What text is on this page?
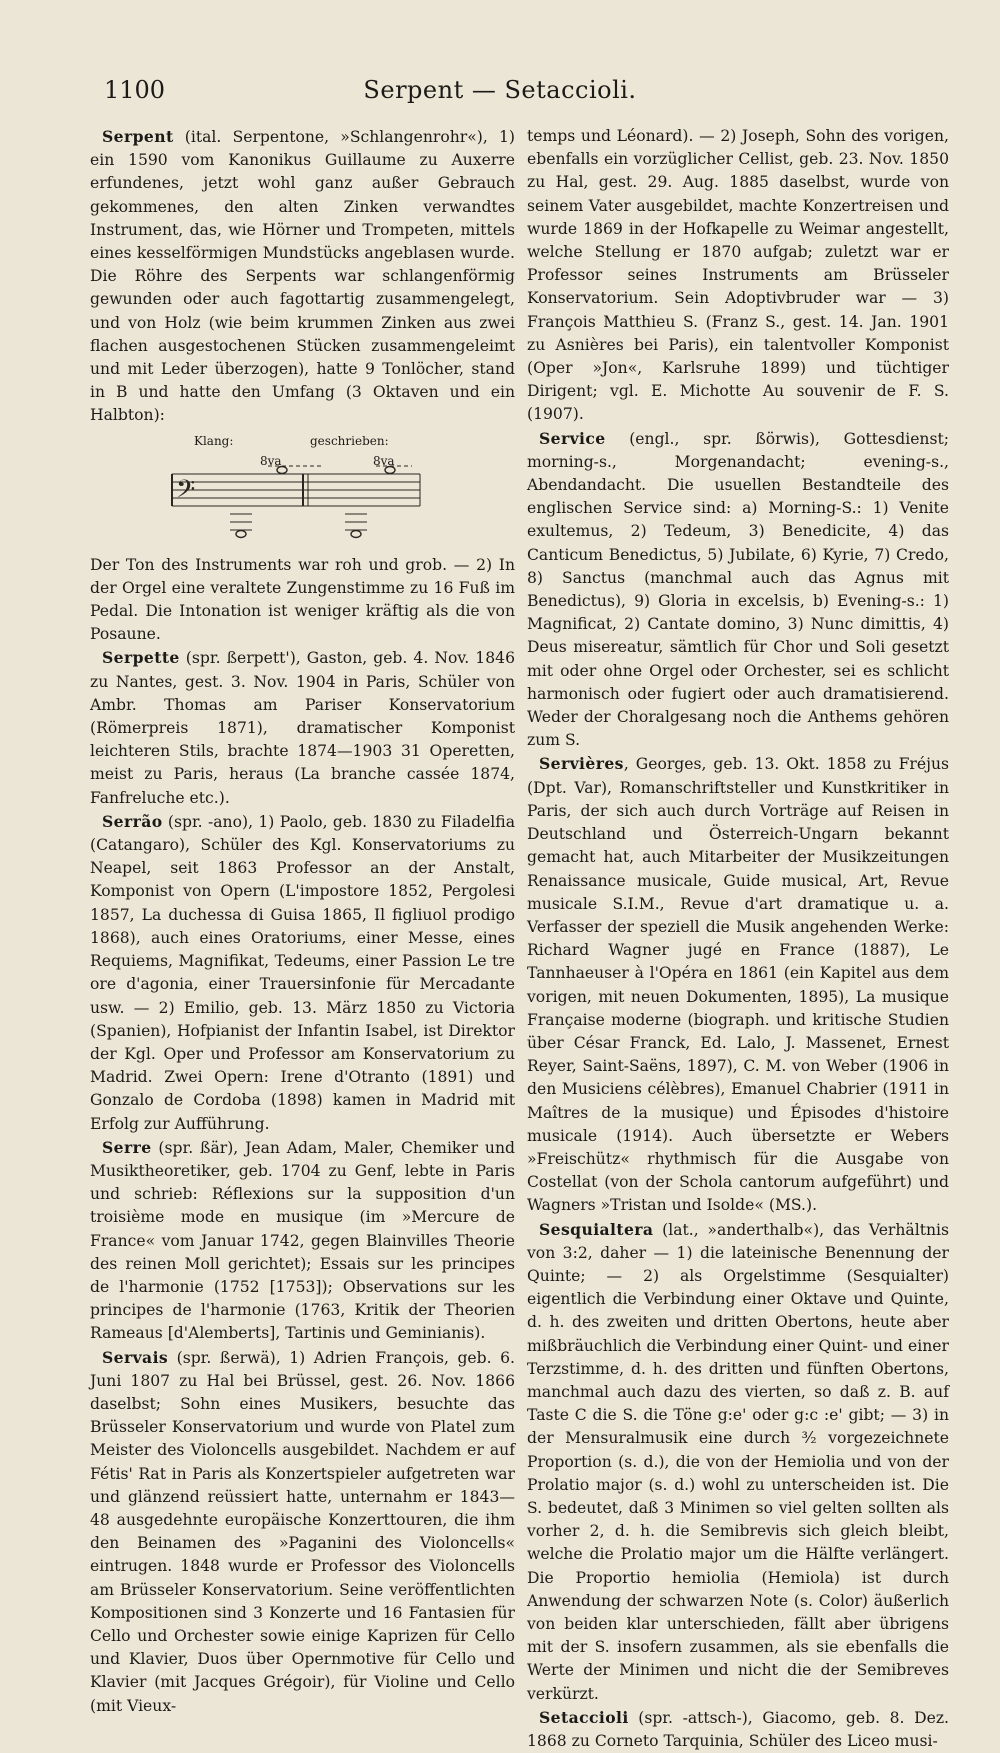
1100	Serpent — Setaccioli.

Serpent (ital. Serpentone, »Schlangenrohr«), 1) ein 1590 vom Kanonikus Guillaume zu Auxerre erfundenes, jetzt wohl ganz außer Gebrauch gekommenes, den alten Zinken verwandtes Instrument, das, wie Hörner und Trompeten, mittels eines kesselförmigen Mundstücks angeblasen wurde. Die Röhre des Serpents war schlangenförmig gewunden oder auch fagottartig zusammengelegt, und von Holz (wie beim krummen Zinken aus zwei flachen ausgestochenen Stücken zusammengeleimt und mit Leder überzogen), hatte 9 Tonlöcher, stand in B und hatte den Umfang (3 Oktaven und ein Halbton):

Klang:	geschrieben:
8va	8va
𝄢

Der Ton des Instruments war roh und grob. — 2) In der Orgel eine veraltete Zungenstimme zu 16 Fuß im Pedal. Die Intonation ist weniger kräftig als die von Posaune.

Serpette (spr. ßerpett'), Gaston, geb. 4. Nov. 1846 zu Nantes, gest. 3. Nov. 1904 in Paris, Schüler von Ambr. Thomas am Pariser Konservatorium (Römerpreis 1871), dramatischer Komponist leichteren Stils, brachte 1874—1903 31 Operetten, meist zu Paris, heraus (La branche cassée 1874, Fanfreluche etc.).

Serrão (spr. -ano), 1) Paolo, geb. 1830 zu Filadelfia (Catangaro), Schüler des Kgl. Konservatoriums zu Neapel, seit 1863 Professor an der Anstalt, Komponist von Opern (L'impostore 1852, Pergolesi 1857, La duchessa di Guisa 1865, Il figliuol prodigo 1868), auch eines Oratoriums, einer Messe, eines Requiems, Magnifikat, Tedeums, einer Passion Le tre ore d'agonia, einer Trauersinfonie für Mercadante usw. — 2) Emilio, geb. 13. März 1850 zu Victoria (Spanien), Hofpianist der Infantin Isabel, ist Direktor der Kgl. Oper und Professor am Konservatorium zu Madrid. Zwei Opern: Irene d'Otranto (1891) und Gonzalo de Cordoba (1898) kamen in Madrid mit Erfolg zur Aufführung.

Serre (spr. ßär), Jean Adam, Maler, Chemiker und Musiktheoretiker, geb. 1704 zu Genf, lebte in Paris und schrieb: Réflexions sur la supposition d'un troisième mode en musique (im »Mercure de France« vom Januar 1742, gegen Blainvilles Theorie des reinen Moll gerichtet); Essais sur les principes de l'harmonie (1752 [1753]); Observations sur les principes de l'harmonie (1763, Kritik der Theorien Rameaus [d'Alemberts], Tartinis und Geminianis).

Servais (spr. ßerwä), 1) Adrien François, geb. 6. Juni 1807 zu Hal bei Brüssel, gest. 26. Nov. 1866 daselbst; Sohn eines Musikers, besuchte das Brüsseler Konservatorium und wurde von Platel zum Meister des Violoncells ausgebildet. Nachdem er auf Fétis' Rat in Paris als Konzertspieler aufgetreten war und glänzend reüssiert hatte, unternahm er 1843—48 ausgedehnte europäische Konzerttouren, die ihm den Beinamen des »Paganini des Violoncells« eintrugen. 1848 wurde er Professor des Violoncells am Brüsseler Konservatorium. Seine veröffentlichten Kompositionen sind 3 Konzerte und 16 Fantasien für Cello und Orchester sowie einige Kaprizen für Cello und Klavier, Duos über Opernmotive für Cello und Klavier (mit Jacques Grégoir), für Violine und Cello (mit Vieux-

temps und Léonard). — 2) Joseph, Sohn des vorigen, ebenfalls ein vorzüglicher Cellist, geb. 23. Nov. 1850 zu Hal, gest. 29. Aug. 1885 daselbst, wurde von seinem Vater ausgebildet, machte Konzertreisen und wurde 1869 in der Hofkapelle zu Weimar angestellt, welche Stellung er 1870 aufgab; zuletzt war er Professor seines Instruments am Brüsseler Konservatorium. Sein Adoptivbruder war — 3) François Matthieu S. (Franz S., gest. 14. Jan. 1901 zu Asnières bei Paris), ein talentvoller Komponist (Oper »Jon«, Karlsruhe 1899) und tüchtiger Dirigent; vgl. E. Michotte Au souvenir de F. S. (1907).

Service (engl., spr. ßörwis), Gottesdienst; morning-s., Morgenandacht; evening-s., Abendandacht. Die usuellen Bestandteile des englischen Service sind: a) Morning-S.: 1) Venite exultemus, 2) Tedeum, 3) Benedicite, 4) das Canticum Benedictus, 5) Jubilate, 6) Kyrie, 7) Credo, 8) Sanctus (manchmal auch das Agnus mit Benedictus), 9) Gloria in excelsis, b) Evening-s.: 1) Magnificat, 2) Cantate domino, 3) Nunc dimittis, 4) Deus misereatur, sämtlich für Chor und Soli gesetzt mit oder ohne Orgel oder Orchester, sei es schlicht harmonisch oder fugiert oder auch dramatisierend. Weder der Choralgesang noch die Anthems gehören zum S.

Servières, Georges, geb. 13. Okt. 1858 zu Fréjus (Dpt. Var), Romanschriftsteller und Kunstkritiker in Paris, der sich auch durch Vorträge auf Reisen in Deutschland und Österreich-Ungarn bekannt gemacht hat, auch Mitarbeiter der Musikzeitungen Renaissance musicale, Guide musical, Art, Revue musicale S.I.M., Revue d'art dramatique u. a. Verfasser der speziell die Musik angehenden Werke: Richard Wagner jugé en France (1887), Le Tannhaeuser à l'Opéra en 1861 (ein Kapitel aus dem vorigen, mit neuen Dokumenten, 1895), La musique Française moderne (biograph. und kritische Studien über César Franck, Ed. Lalo, J. Massenet, Ernest Reyer, Saint-Saëns, 1897), C. M. von Weber (1906 in den Musiciens célèbres), Emanuel Chabrier (1911 in Maîtres de la musique) und Épisodes d'histoire musicale (1914). Auch übersetzte er Webers »Freischütz« rhythmisch für die Ausgabe von Costellat (von der Schola cantorum aufgeführt) und Wagners »Tristan und Isolde« (MS.).

Sesquialtera (lat., »anderthalb«), das Verhältnis von 3:2, daher — 1) die lateinische Benennung der Quinte; — 2) als Orgelstimme (Sesquialter) eigentlich die Verbindung einer Oktave und Quinte, d. h. des zweiten und dritten Obertons, heute aber mißbräuchlich die Verbindung einer Quint- und einer Terzstimme, d. h. des dritten und fünften Obertons, manchmal auch dazu des vierten, so daß z. B. auf Taste C die S. die Töne g:e' oder g:c :e' gibt; — 3) in der Mensuralmusik eine durch ³⁄₂ vorgezeichnete Proportion (s. d.), die von der Hemiolia und von der Prolatio major (s. d.) wohl zu unterscheiden ist. Die S. bedeutet, daß 3 Minimen so viel gelten sollten als vorher 2, d. h. die Semibrevis sich gleich bleibt, welche die Prolatio major um die Hälfte verlängert. Die Proportio hemiolia (Hemiola) ist durch Anwendung der schwarzen Note (s. Color) äußerlich von beiden klar unterschieden, fällt aber übrigens mit der S. insofern zusammen, als sie ebenfalls die Werte der Minimen und nicht die der Semibreves verkürzt.

Setaccioli (spr. -attsch-), Giacomo, geb. 8. Dez. 1868 zu Corneto Tarquinia, Schüler des Liceo musi-
